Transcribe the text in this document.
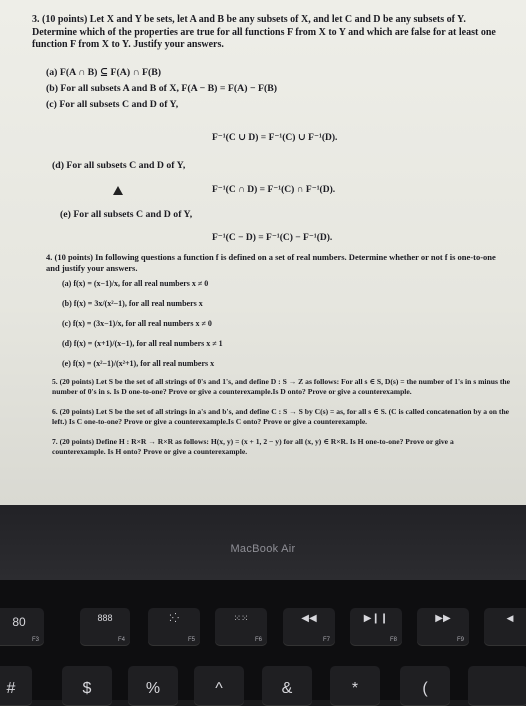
3. (10 points) Let X and Y be sets, let A and B be any subsets of X, and let C and D be any subsets of Y. Determine which of the properties are true for all functions F from X to Y and which are false for at least one function F from X to Y. Justify your answers.

(a) F(A ∩ B) ⊆ F(A) ∩ F(B)

(b) For all subsets A and B of X, F(A − B) = F(A) − F(B)

(c) For all subsets C and D of Y,

F⁻¹(C ∪ D) = F⁻¹(C) ∪ F⁻¹(D).

(d) For all subsets C and D of Y,

F⁻¹(C ∩ D) = F⁻¹(C) ∩ F⁻¹(D).

(e) For all subsets C and D of Y,

F⁻¹(C − D) = F⁻¹(C) − F⁻¹(D).

4. (10 points) In following questions a function f is defined on a set of real numbers. Determine whether or not f is one-to-one and justify your answers.

(a) f(x) = (x−1)/x, for all real numbers x ≠ 0

(b) f(x) = 3x/(x²−1), for all real numbers x

(c) f(x) = (3x−1)/x, for all real numbers x ≠ 0

(d) f(x) = (x+1)/(x−1), for all real numbers x ≠ 1

(e) f(x) = (x²−1)/(x²+1), for all real numbers x

5. (20 points) Let S be the set of all strings of 0's and 1's, and define D : S → Z as follows: For all s ∈ S, D(s) = the number of 1's in s minus the number of 0's in s. Is D one-to-one? Prove or give a counterexample.Is D onto? Prove or give a counterexample.

6. (20 points) Let S be the set of all strings in a's and b's, and define C : S → S by C(s) = as, for all s ∈ S. (C is called concatenation by a on the left.) Is C one-to-one? Prove or give a counterexample.Is C onto? Prove or give a counterexample.

7. (20 points) Define H : R×R → R×R as follows: H(x, y) = (x + 1, 2 − y) for all (x, y) ∈ R×R. Is H one-to-one? Prove or give a counterexample. Is H onto? Prove or give a counterexample.

MacBook Air
80
F3
888
F4
⁚⁛
F5
⁙⁙
F6
◀◀
F7
▶❙❙
F8
▶▶
F9
◀
#	$	%	^	&	*	(
